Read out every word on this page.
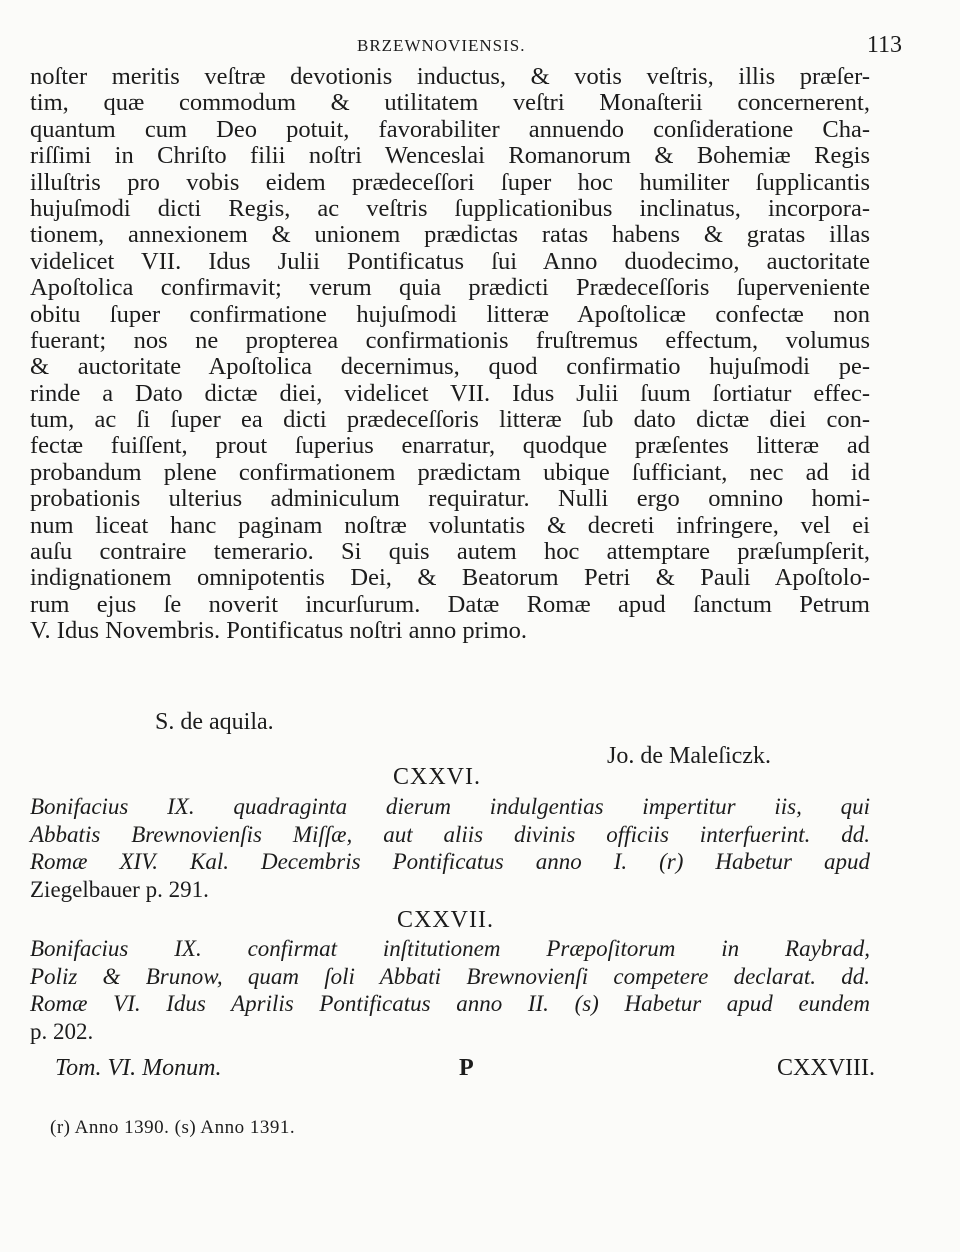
BRZEWNOVIENSIS.	113
noſter meritis veſtræ devotionis inductus, & votis veſtris, illis præſer-
tim, quæ commodum & utilitatem veſtri Monaſterii concernerent,
quantum cum Deo potuit, favorabiliter annuendo conſideratione Cha-
riſſimi in Chriſto filii noſtri Wenceslai Romanorum & Bohemiæ Regis
illuſtris pro vobis eidem prædeceſſori ſuper hoc humiliter ſupplicantis
hujuſmodi dicti Regis, ac veſtris ſupplicationibus inclinatus, incorpora-
tionem, annexionem & unionem prædictas ratas habens & gratas illas
videlicet VII. Idus Julii Pontificatus ſui Anno duodecimo, auctoritate
Apoſtolica confirmavit; verum quia prædicti Prædeceſſoris ſuperveniente
obitu ſuper confirmatione hujuſmodi litteræ Apoſtolicæ confectæ non
fuerant; nos ne propterea confirmationis fruſtremus effectum, volumus
& auctoritate Apoſtolica decernimus, quod confirmatio hujuſmodi pe-
rinde a Dato dictæ diei, videlicet VII. Idus Julii ſuum ſortiatur effec-
tum, ac ſi ſuper ea dicti prædeceſſoris litteræ ſub dato dictæ diei con-
fectæ fuiſſent, prout ſuperius enarratur, quodque præſentes litteræ ad
probandum plene confirmationem prædictam ubique ſufficiant, nec ad id
probationis ulterius adminiculum requiratur. Nulli ergo omnino homi-
num liceat hanc paginam noſtræ voluntatis & decreti infringere, vel ei
auſu contraire temerario. Si quis autem hoc attemptare præſumpſerit,
indignationem omnipotentis Dei, & Beatorum Petri & Pauli Apoſtolo-
rum ejus ſe noverit incurſurum. Datæ Romæ apud ſanctum Petrum
V. Idus Novembris. Pontificatus noſtri anno primo.
S. de aquila.
Jo. de Maleſiczk.
CXXVI.
Bonifacius IX. quadraginta dierum indulgentias impertitur iis, qui
Abbatis Brewnovienſis Miſſæ, aut aliis divinis officiis interfuerint. dd.
Romæ XIV. Kal. Decembris Pontificatus anno I. (r) Habetur apud
Ziegelbauer p. 291.
CXXVII.
Bonifacius IX. confirmat inſtitutionem Præpoſitorum in Raybrad,
Poliz & Brunow, quam ſoli Abbati Brewnovienſi competere declarat. dd.
Romæ VI. Idus Aprilis Pontificatus anno II. (s) Habetur apud eundem
p. 202.
Tom. VI. Monum.	P	CXXVIII.
(r) Anno 1390. (s) Anno 1391.
